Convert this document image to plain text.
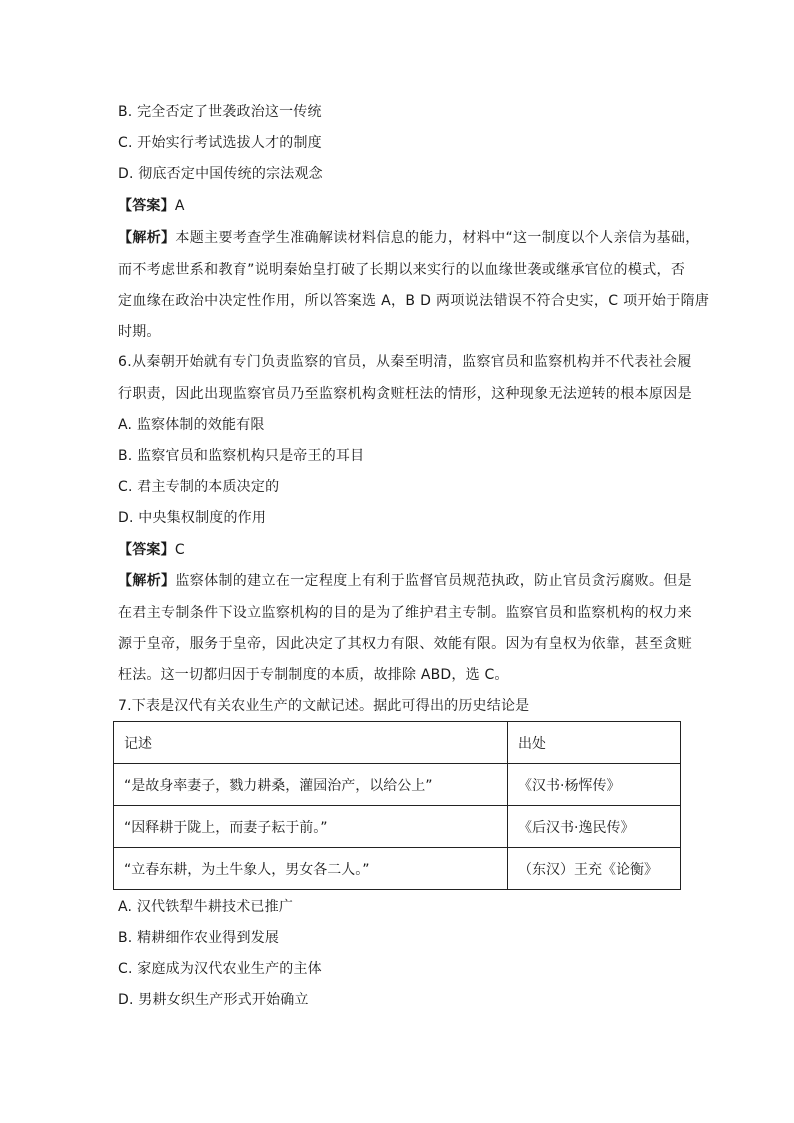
B. 完全否定了世袭政治这一传统
C. 开始实行考试选拔人才的制度
D. 彻底否定中国传统的宗法观念
【答案】A
【解析】本题主要考查学生准确解读材料信息的能力，材料中“这一制度以个人亲信为基础，
而不考虑世系和教育”说明秦始皇打破了长期以来实行的以血缘世袭或继承官位的模式，否
定血缘在政治中决定性作用，所以答案选 A，B D 两项说法错误不符合史实，C 项开始于隋唐
时期。
6.从秦朝开始就有专门负责监察的官员，从秦至明清，监察官员和监察机构并不代表社会履
行职责，因此出现监察官员乃至监察机构贪赃枉法的情形，这种现象无法逆转的根本原因是
A. 监察体制的效能有限
B. 监察官员和监察机构只是帝王的耳目
C. 君主专制的本质决定的
D. 中央集权制度的作用
【答案】C
【解析】监察体制的建立在一定程度上有利于监督官员规范执政，防止官员贪污腐败。但是
在君主专制条件下设立监察机构的目的是为了维护君主专制。监察官员和监察机构的权力来
源于皇帝，服务于皇帝，因此决定了其权力有限、效能有限。因为有皇权为依靠，甚至贪赃
枉法。这一切都归因于专制制度的本质，故排除 ABD，选 C。
7.下表是汉代有关农业生产的文献记述。据此可得出的历史结论是
记述	出处
“是故身率妻子，戮力耕桑，灌园治产，以给公上”	《汉书·杨恽传》
“因释耕于陇上，而妻子耘于前。”	《后汉书·逸民传》
“立春东耕，为土牛象人，男女各二人。”	（东汉）王充《论衡》
A. 汉代铁犁牛耕技术已推广
B. 精耕细作农业得到发展
C. 家庭成为汉代农业生产的主体
D. 男耕女织生产形式开始确立
